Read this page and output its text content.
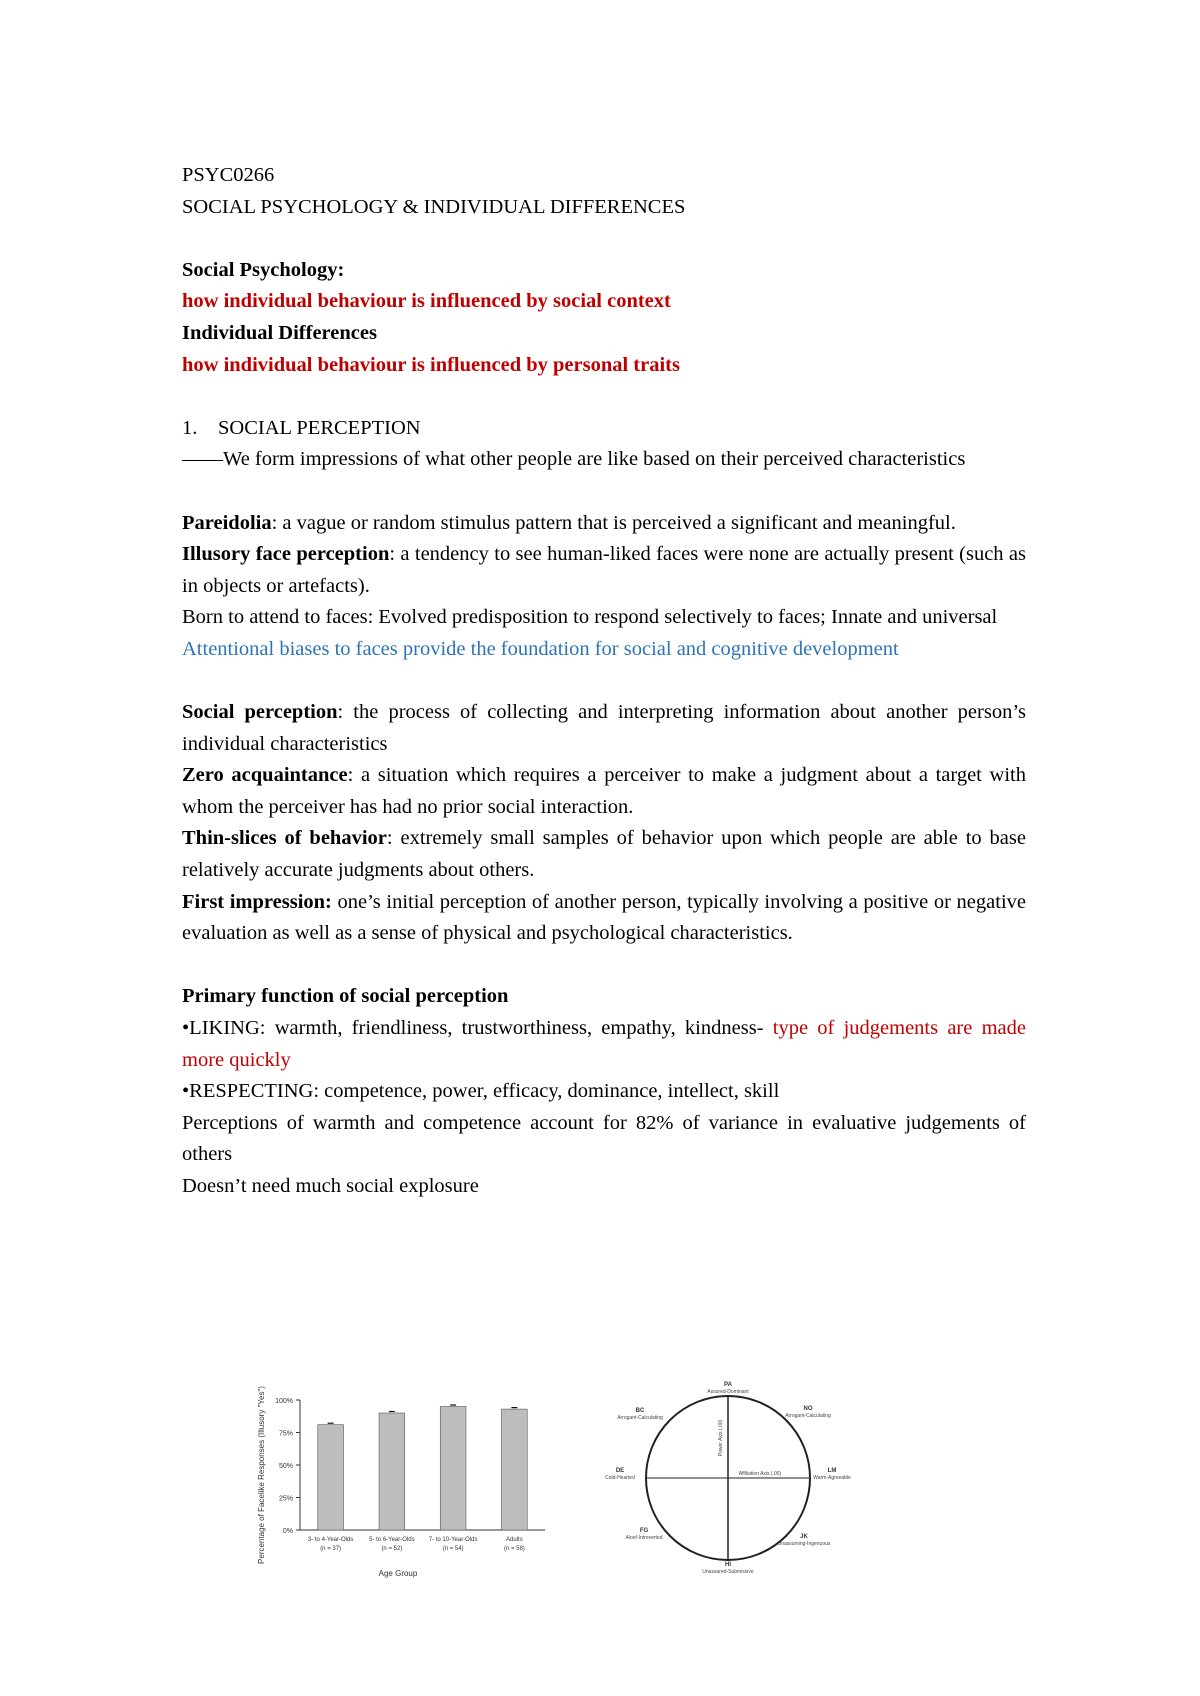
PSYC0266

SOCIAL PSYCHOLOGY & INDIVIDUAL DIFFERENCES

Social Psychology:

how individual behaviour is influenced by social context

Individual Differences

how individual behaviour is influenced by personal traits

1. SOCIAL PERCEPTION

——We form impressions of what other people are like based on their perceived characteristics

Pareidolia: a vague or random stimulus pattern that is perceived a significant and meaningful.

Illusory face perception: a tendency to see human-liked faces were none are actually present (such as in objects or artefacts).

Born to attend to faces: Evolved predisposition to respond selectively to faces; Innate and universal

Attentional biases to faces provide the foundation for social and cognitive development

Social perception: the process of collecting and interpreting information about another person’s individual characteristics

Zero acquaintance: a situation which requires a perceiver to make a judgment about a target with whom the perceiver has had no prior social interaction.

Thin-slices of behavior: extremely small samples of behavior upon which people are able to base relatively accurate judgments about others.

First impression: one’s initial perception of another person, typically involving a positive or negative evaluation as well as a sense of physical and psychological characteristics.

Primary function of social perception

•LIKING: warmth, friendliness, trustworthiness, empathy, kindness- type of judgements are made more quickly

•RESPECTING: competence, power, efficacy, dominance, intellect, skill

Perceptions of warmth and competence account for 82% of variance in evaluative judgements of others

Doesn’t need much social explosure

Percentage of Facelike Responses (Illusory "Yes")
Age Group
0%
25%
50%
75%
100%
3- to 4-Year-Olds
(n = 37)
5- to 6-Year-Olds
(n = 52)
7- to 10-Year-Olds
(n = 54)
Adults
(n = 58)
Power Axis (.00)
Affiliation Axis (.00)
PA
Assured-Dominant
NO
Arrogant-Calculating
LM
Warm-Agreeable
JK
Unassuming-Ingenuous
HI
Unassured-Submissive
FG
Aloof-Introverted
DE
Cold-Hearted
BC
Arrogant-Calculating
